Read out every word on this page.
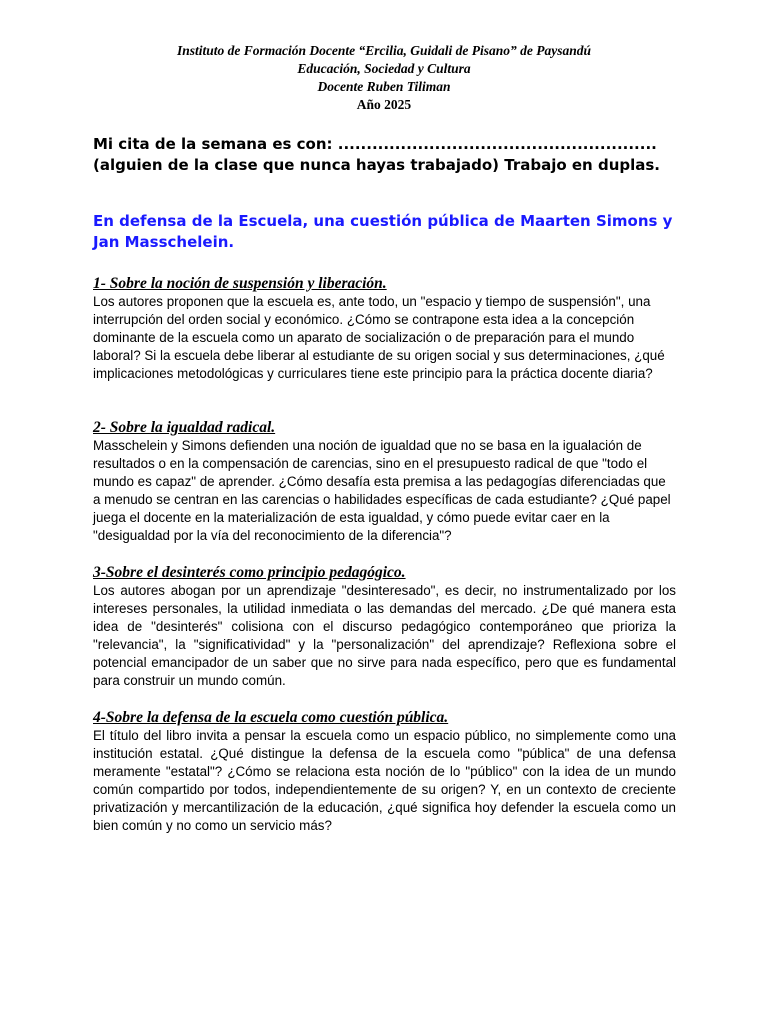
Instituto de Formación Docente “Ercilia, Guidali de Pisano” de Paysandú
Educación, Sociedad y Cultura
Docente Ruben Tiliman
Año 2025
Mi cita de la semana es con: ........................................................
(alguien de la clase que nunca hayas trabajado) Trabajo en duplas.
En defensa de la Escuela, una cuestión pública de Maarten Simons y Jan Masschelein.
1- Sobre la noción de suspensión y liberación.

Los autores proponen que la escuela es, ante todo, un "espacio y tiempo de suspensión", una interrupción del orden social y económico. ¿Cómo se contrapone esta idea a la concepción dominante de la escuela como un aparato de socialización o de preparación para el mundo laboral? Si la escuela debe liberar al estudiante de su origen social y sus determinaciones, ¿qué implicaciones metodológicas y curriculares tiene este principio para la práctica docente diaria?

2- Sobre la igualdad radical.

Masschelein y Simons defienden una noción de igualdad que no se basa en la igualación de resultados o en la compensación de carencias, sino en el presupuesto radical de que "todo el mundo es capaz" de aprender. ¿Cómo desafía esta premisa a las pedagogías diferenciadas que a menudo se centran en las carencias o habilidades específicas de cada estudiante? ¿Qué papel juega el docente en la materialización de esta igualdad, y cómo puede evitar caer en la "desigualdad por la vía del reconocimiento de la diferencia"?

3-Sobre el desinterés como principio pedagógico.

Los autores abogan por un aprendizaje "desinteresado", es decir, no instrumentalizado por los intereses personales, la utilidad inmediata o las demandas del mercado. ¿De qué manera esta idea de "desinterés" colisiona con el discurso pedagógico contemporáneo que prioriza la "relevancia", la "significatividad" y la "personalización" del aprendizaje? Reflexiona sobre el potencial emancipador de un saber que no sirve para nada específico, pero que es fundamental para construir un mundo común.

4-Sobre la defensa de la escuela como cuestión pública.

El título del libro invita a pensar la escuela como un espacio público, no simplemente como una institución estatal. ¿Qué distingue la defensa de la escuela como "pública" de una defensa meramente "estatal"? ¿Cómo se relaciona esta noción de lo "público" con la idea de un mundo común compartido por todos, independientemente de su origen? Y, en un contexto de creciente privatización y mercantilización de la educación, ¿qué significa hoy defender la escuela como un bien común y no como un servicio más?
